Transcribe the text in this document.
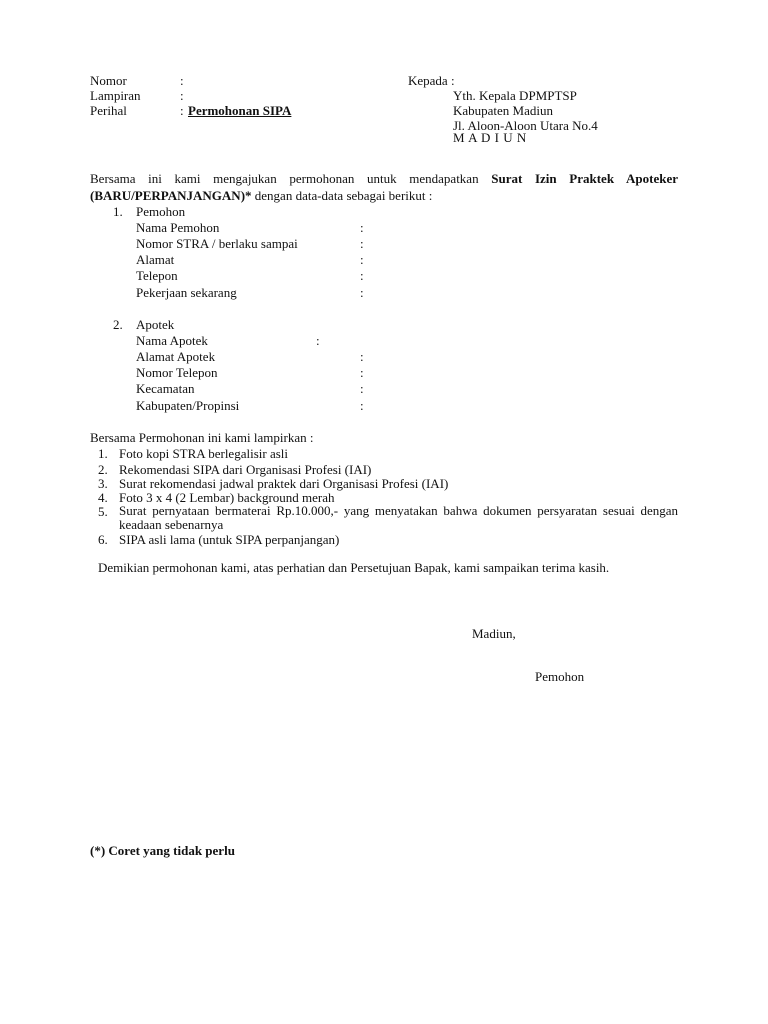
Nomor	:
Lampiran	:
Perihal	: Permohonan SIPA
Kepada :
Yth. Kepala DPMPTSP
Kabupaten Madiun
Jl. Aloon-Aloon Utara No.4
M A D I U N
Bersama ini kami mengajukan permohonan untuk mendapatkan Surat Izin Praktek Apoteker (BARU/PERPANJANGAN)* dengan data-data sebagai berikut :
1. Pemohon
Nama Pemohon	:
Nomor STRA / berlaku sampai	:
Alamat	:
Telepon	:
Pekerjaan sekarang	:
2. Apotek
Nama Apotek	:
Alamat Apotek	:
Nomor Telepon	:
Kecamatan	:
Kabupaten/Propinsi	:
Bersama Permohonan ini kami lampirkan :
1. Foto kopi STRA berlegalisir asli
2. Rekomendasi SIPA dari Organisasi Profesi (IAI)
3. Surat rekomendasi jadwal praktek dari Organisasi Profesi (IAI)
4. Foto 3 x 4 (2 Lembar) background merah
5. Surat pernyataan bermaterai Rp.10.000,- yang menyatakan bahwa dokumen persyaratan sesuai dengan keadaan sebenarnya
6. SIPA asli lama (untuk SIPA perpanjangan)
Demikian permohonan kami, atas perhatian dan Persetujuan Bapak, kami sampaikan terima kasih.
Madiun,
Pemohon
(*) Coret yang tidak perlu
